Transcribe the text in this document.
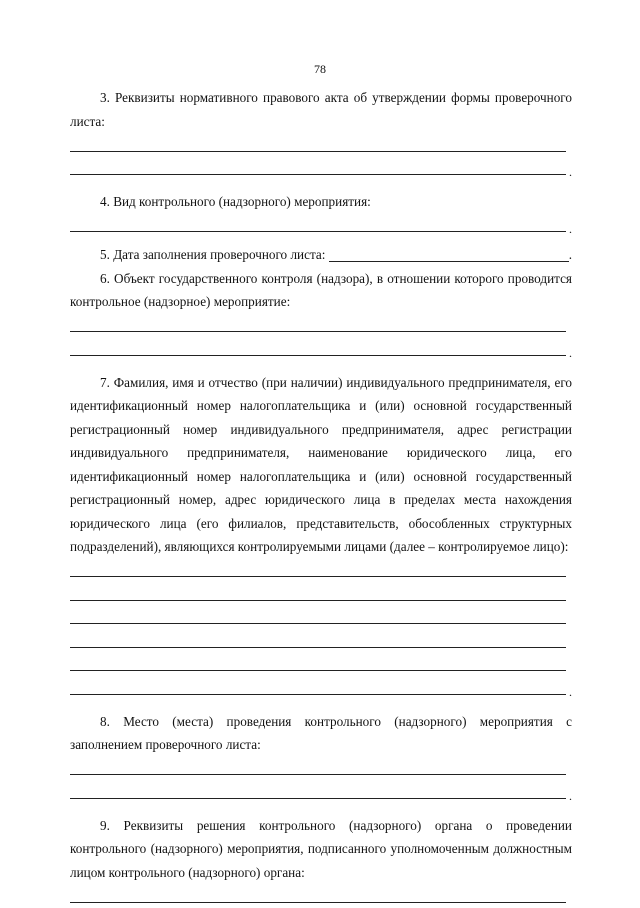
78

3. Реквизиты нормативного правового акта об утверждении формы проверочного листа:

.

4. Вид контрольного (надзорного) мероприятия:

.
5. Дата заполнения проверочного листа:	.

6. Объект государственного контроля (надзора), в отношении которого проводится контрольное (надзорное) мероприятие:

.

7. Фамилия, имя и отчество (при наличии) индивидуального предпринимателя, его идентификационный номер налогоплательщика и (или) основной государственный регистрационный номер индивидуального предпринимателя, адрес регистрации индивидуального предпринимателя, наименование юридического лица, его идентификационный номер налогоплательщика и (или) основной государственный регистрационный номер, адрес юридического лица в пределах места нахождения юридического лица (его филиалов, представительств, обособленных структурных подразделений), являющихся контролируемыми лицами (далее – контролируемое лицо):

.

8. Место (места) проведения контрольного (надзорного) мероприятия с заполнением проверочного листа:

.

9. Реквизиты решения контрольного (надзорного) органа о проведении контрольного (надзорного) мероприятия, подписанного уполномоченным должностным лицом контрольного (надзорного) органа:
